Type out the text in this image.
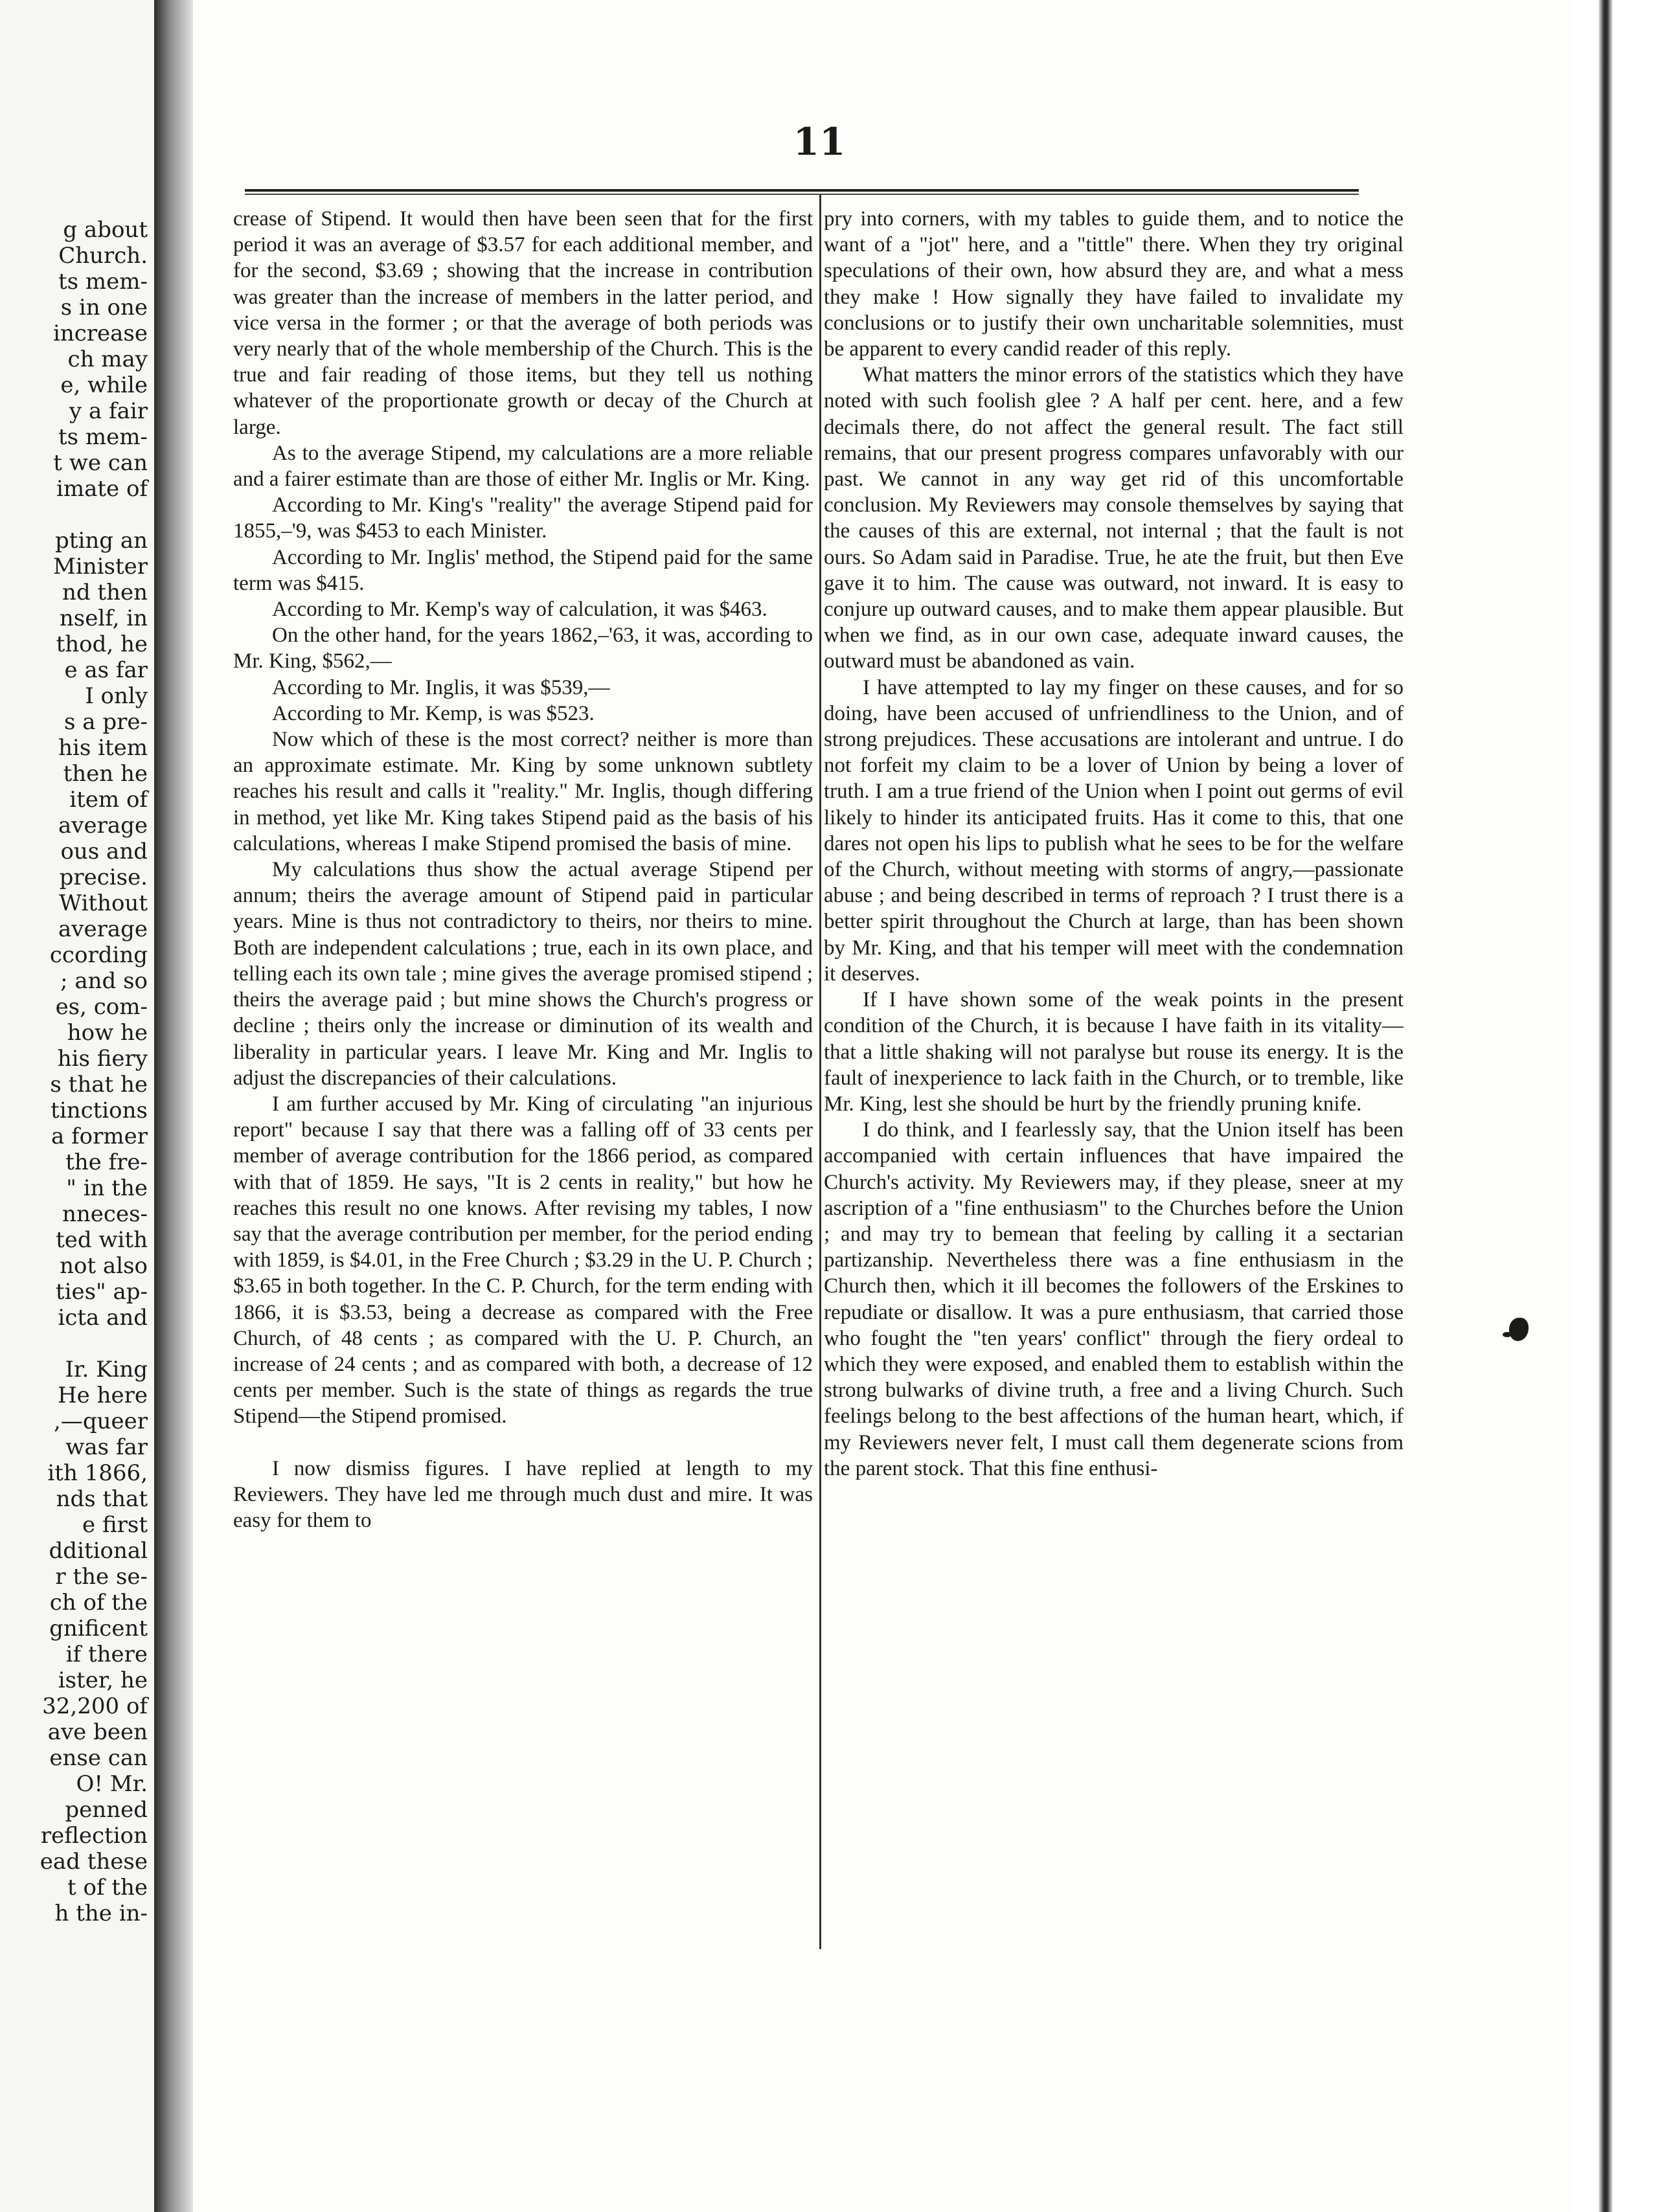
g about
Church.
ts mem-
s in one
increase
ch may
e, while
y a fair
ts mem-
t we can
imate of
pting an
Minister
nd then
nself, in
thod, he
e as far
I only
s a pre-
his item
then he
item of
average
ous and
precise.
Without
average
ccording
; and so
es, com-
how he
his fiery
s that he
tinctions
a former
the fre-
" in the
nneces-
ted with
not also
ties" ap-
icta and
Ir. King
He here
,—queer
was far
ith 1866,
nds that
e first
dditional
r the se-
ch of the
gnificent
if there
ister, he
32,200 of
ave been
ense can
O! Mr.
penned
reflection
ead these
t of the
h the in-
11

crease of Stipend. It would then have been seen that for the first period it was an average of $3.57 for each additional member, and for the second, $3.69 ; showing that the increase in contribution was greater than the increase of members in the latter period, and vice versa in the former ; or that the average of both periods was very nearly that of the whole membership of the Church. This is the true and fair reading of those items, but they tell us nothing whatever of the proportionate growth or decay of the Church at large.

As to the average Stipend, my calculations are a more reliable and a fairer estimate than are those of either Mr. Inglis or Mr. King.

According to Mr. King's "reality" the average Stipend paid for 1855,–'9, was $453 to each Minister.

According to Mr. Inglis' method, the Stipend paid for the same term was $415.

According to Mr. Kemp's way of calculation, it was $463.

On the other hand, for the years 1862,–'63, it was, according to Mr. King, $562,—

According to Mr. Inglis, it was $539,—

According to Mr. Kemp, is was $523.

Now which of these is the most correct? neither is more than an approximate estimate. Mr. King by some unknown subtlety reaches his result and calls it "reality." Mr. Inglis, though differing in method, yet like Mr. King takes Stipend paid as the basis of his calculations, whereas I make Stipend promised the basis of mine.

My calculations thus show the actual average Stipend per annum; theirs the average amount of Stipend paid in particular years. Mine is thus not contradictory to theirs, nor theirs to mine. Both are independent calculations ; true, each in its own place, and telling each its own tale ; mine gives the average promised stipend ; theirs the average paid ; but mine shows the Church's progress or decline ; theirs only the increase or diminution of its wealth and liberality in particular years. I leave Mr. King and Mr. Inglis to adjust the discrepancies of their calculations.

I am further accused by Mr. King of circulating "an injurious report" because I say that there was a falling off of 33 cents per member of average contribution for the 1866 period, as compared with that of 1859. He says, "It is 2 cents in reality," but how he reaches this result no one knows. After revising my tables, I now say that the average contribution per member, for the period ending with 1859, is $4.01, in the Free Church ; $3.29 in the U. P. Church ; $3.65 in both together. In the C. P. Church, for the term ending with 1866, it is $3.53, being a decrease as compared with the Free Church, of 48 cents ; as compared with the U. P. Church, an increase of 24 cents ; and as compared with both, a decrease of 12 cents per member. Such is the state of things as regards the true Stipend—the Stipend promised.

I now dismiss figures. I have replied at length to my Reviewers. They have led me through much dust and mire. It was easy for them to

pry into corners, with my tables to guide them, and to notice the want of a "jot" here, and a "tittle" there. When they try original speculations of their own, how absurd they are, and what a mess they make ! How signally they have failed to invalidate my conclusions or to justify their own uncharitable solemnities, must be apparent to every candid reader of this reply.

What matters the minor errors of the statistics which they have noted with such foolish glee ? A half per cent. here, and a few decimals there, do not affect the general result. The fact still remains, that our present progress compares unfavorably with our past. We cannot in any way get rid of this uncomfortable conclusion. My Reviewers may console themselves by saying that the causes of this are external, not internal ; that the fault is not ours. So Adam said in Paradise. True, he ate the fruit, but then Eve gave it to him. The cause was outward, not inward. It is easy to conjure up outward causes, and to make them appear plausible. But when we find, as in our own case, adequate inward causes, the outward must be abandoned as vain.

I have attempted to lay my finger on these causes, and for so doing, have been accused of unfriendliness to the Union, and of strong prejudices. These accusations are intolerant and untrue. I do not forfeit my claim to be a lover of Union by being a lover of truth. I am a true friend of the Union when I point out germs of evil likely to hinder its anticipated fruits. Has it come to this, that one dares not open his lips to publish what he sees to be for the welfare of the Church, without meeting with storms of angry,—passionate abuse ; and being described in terms of reproach ? I trust there is a better spirit throughout the Church at large, than has been shown by Mr. King, and that his temper will meet with the condemnation it deserves.

If I have shown some of the weak points in the present condition of the Church, it is because I have faith in its vitality—that a little shaking will not paralyse but rouse its energy. It is the fault of inexperience to lack faith in the Church, or to tremble, like Mr. King, lest she should be hurt by the friendly pruning knife.

I do think, and I fearlessly say, that the Union itself has been accompanied with certain influences that have impaired the Church's activity. My Reviewers may, if they please, sneer at my ascription of a "fine enthusiasm" to the Churches before the Union ; and may try to bemean that feeling by calling it a sectarian partizanship. Nevertheless there was a fine enthusiasm in the Church then, which it ill becomes the followers of the Erskines to repudiate or disallow. It was a pure enthusiasm, that carried those who fought the "ten years' conflict" through the fiery ordeal to which they were exposed, and enabled them to establish within the strong bulwarks of divine truth, a free and a living Church. Such feelings belong to the best affections of the human heart, which, if my Reviewers never felt, I must call them degenerate scions from the parent stock. That this fine enthusi-
